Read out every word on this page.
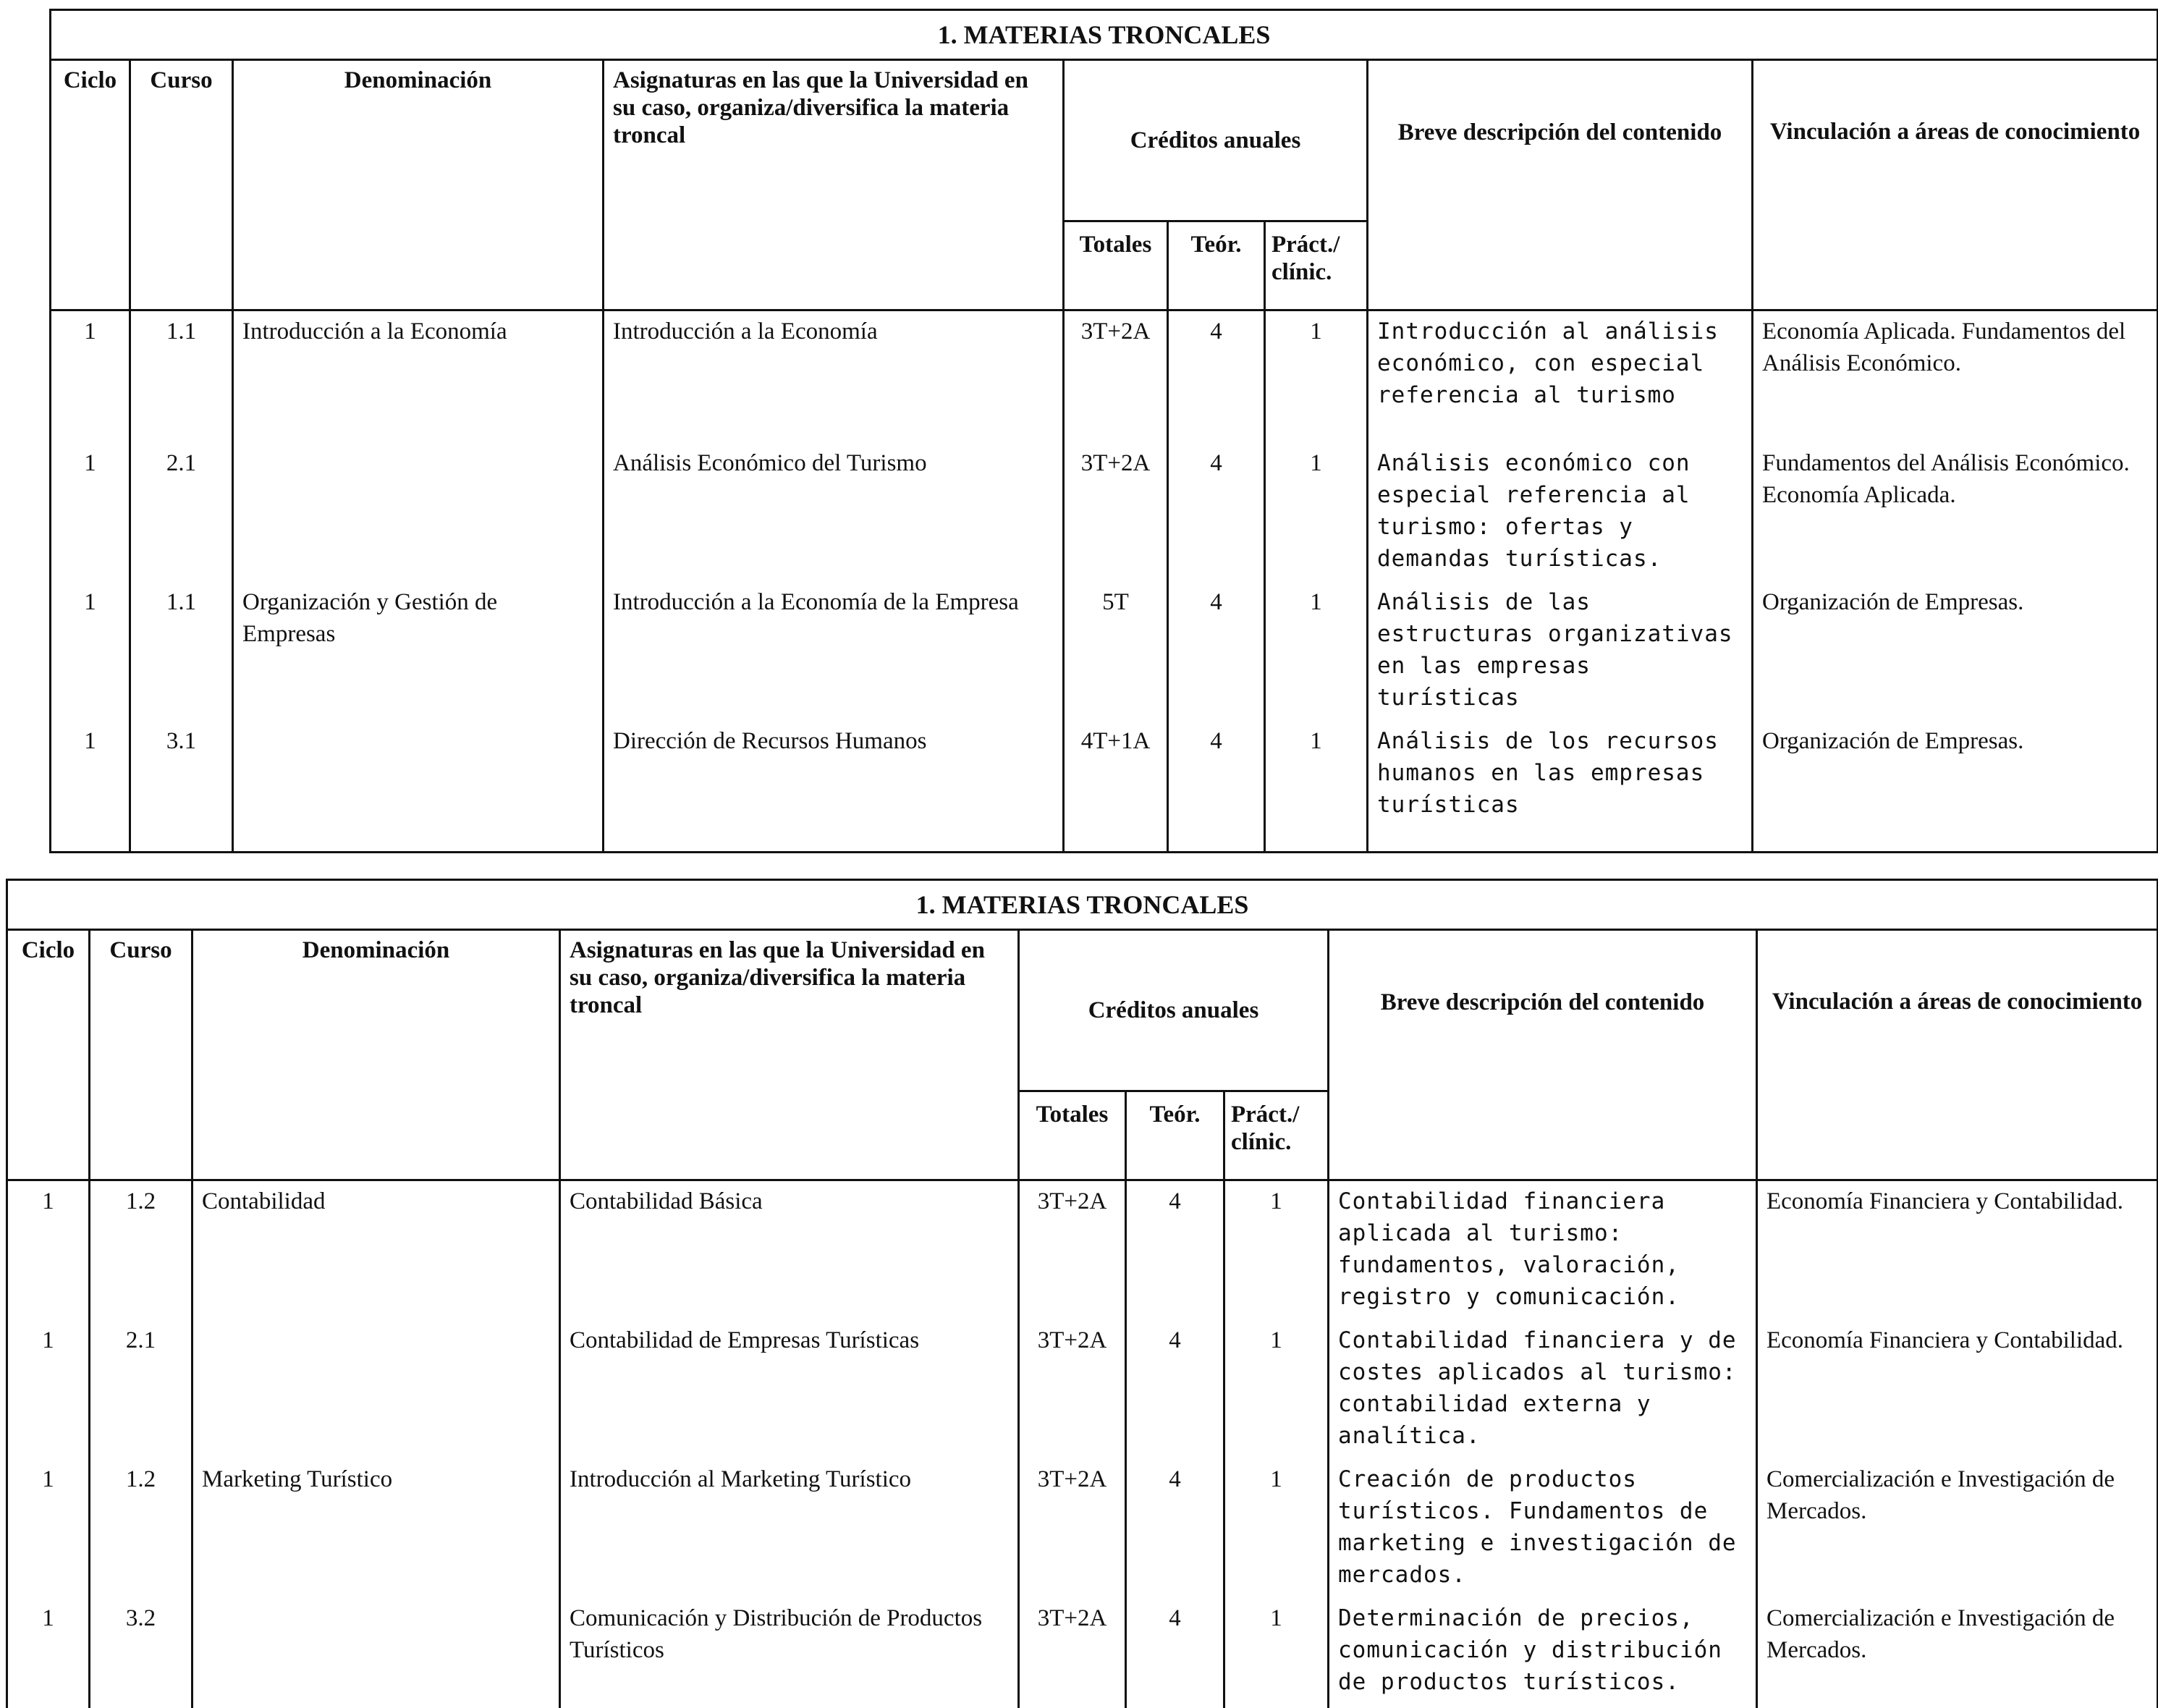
1. MATERIAS TRONCALES								
Ciclo	Curso	Denominación	Asignaturas en las que la Universidad en su caso, organiza/diversifica la materia troncal	Créditos anuales			Breve descripción del contenido	Vinculación a áreas de conocimiento
				Totales	Teór.	Práct./ clínic.		
1	1.1	Introducción a la Economía	Introducción a la Economía	3T+2A	4	1	Introducción al análisis económico, con especial referencia al turismo	Economía Aplicada. Fundamentos del Análisis Económico.
1	2.1		Análisis Económico del Turismo	3T+2A	4	1	Análisis económico con especial referencia al turismo: ofertas y demandas turísticas.	Fundamentos del Análisis Económico. Economía Aplicada.
1	1.1	Organización y Gestión de Empresas	Introducción a la Economía de la Empresa	5T	4	1	Análisis de las estructuras organizativas en las empresas turísticas	Organización de Empresas.
1	3.1		Dirección de Recursos Humanos	4T+1A	4	1	Análisis de los recursos humanos en las empresas turísticas	Organización de Empresas.
1. MATERIAS TRONCALES								
Ciclo	Curso	Denominación	Asignaturas en las que la Universidad en su caso, organiza/diversifica la materia troncal	Créditos anuales			Breve descripción del contenido	Vinculación a áreas de conocimiento
				Totales	Teór.	Práct./ clínic.		
1	1.2	Contabilidad	Contabilidad Básica	3T+2A	4	1	Contabilidad financiera aplicada al turismo: fundamentos, valoración, registro y comunicación.	Economía Financiera y Contabilidad.
1	2.1		Contabilidad de Empresas Turísticas	3T+2A	4	1	Contabilidad financiera y de costes aplicados al turismo: contabilidad externa y analítica.	Economía Financiera y Contabilidad.
1	1.2	Marketing Turístico	Introducción al Marketing Turístico	3T+2A	4	1	Creación de productos turísticos. Fundamentos de marketing e investigación de mercados.	Comercialización e Investigación de Mercados.
1	3.2		Comunicación y Distribución de Productos Turísticos	3T+2A	4	1	Determinación de precios, comunicación y distribución de productos turísticos.	Comercialización e Investigación de Mercados.
